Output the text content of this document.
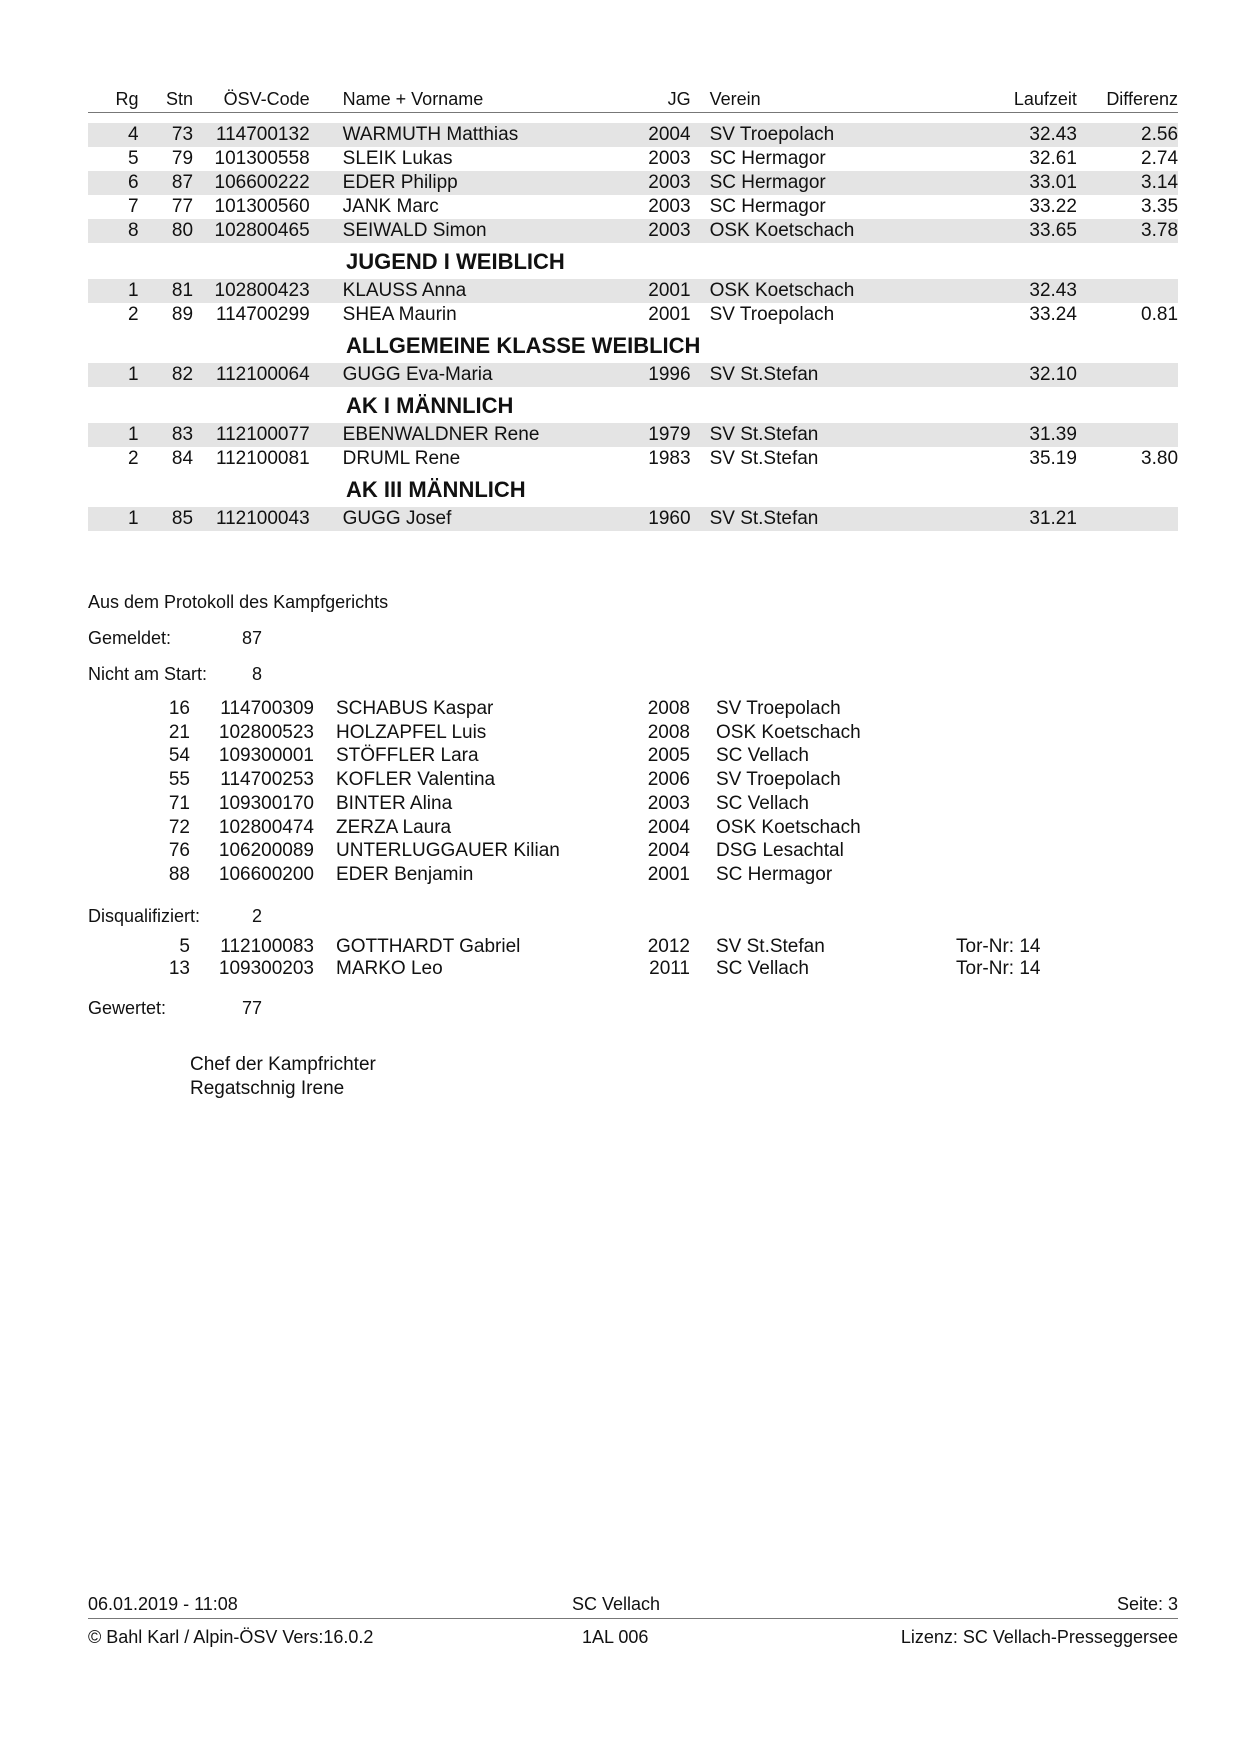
Rg	Stn	ÖSV-Code	Name + Vorname	JG	Verein	Laufzeit	Differenz
4	73	114700132	WARMUTH Matthias	2004	SV Troepolach	32.43	2.56
5	79	101300558	SLEIK Lukas	2003	SC Hermagor	32.61	2.74
6	87	106600222	EDER Philipp	2003	SC Hermagor	33.01	3.14
7	77	101300560	JANK Marc	2003	SC Hermagor	33.22	3.35
8	80	102800465	SEIWALD Simon	2003	OSK Koetschach	33.65	3.78
JUGEND I WEIBLICH
1	81	102800423	KLAUSS Anna	2001	OSK Koetschach	32.43
2	89	114700299	SHEA Maurin	2001	SV Troepolach	33.24	0.81
ALLGEMEINE KLASSE WEIBLICH
1	82	112100064	GUGG Eva-Maria	1996	SV St.Stefan	32.10
AK I MÄNNLICH
1	83	112100077	EBENWALDNER Rene	1979	SV St.Stefan	31.39
2	84	112100081	DRUML Rene	1983	SV St.Stefan	35.19	3.80
AK III MÄNNLICH
1	85	112100043	GUGG Josef	1960	SV St.Stefan	31.21
Aus dem Protokoll des Kampfgerichts
Gemeldet:	87
Nicht am Start: 8
16	114700309	SCHABUS Kaspar	2008	SV Troepolach
21	102800523	HOLZAPFEL Luis	2008	OSK Koetschach
54	109300001	STÖFFLER Lara	2005	SC Vellach
55	114700253	KOFLER Valentina	2006	SV Troepolach
71	109300170	BINTER Alina	2003	SC Vellach
72	102800474	ZERZA Laura	2004	OSK Koetschach
76	106200089	UNTERLUGGAUER Kilian	2004	DSG Lesachtal
88	106600200	EDER Benjamin	2001	SC Hermagor
Disqualifiziert:	2
5	112100083	GOTTHARDT Gabriel	2012	SV St.Stefan	Tor-Nr: 14
13	109300203	MARKO Leo	2011	SC Vellach	Tor-Nr: 14
Gewertet:	77
Chef der Kampfrichter
Regatschnig Irene
06.01.2019 - 11:08	SC Vellach	Seite: 3
© Bahl Karl / Alpin-ÖSV Vers:16.0.2	1AL 006	Lizenz: SC Vellach-Presseggersee
